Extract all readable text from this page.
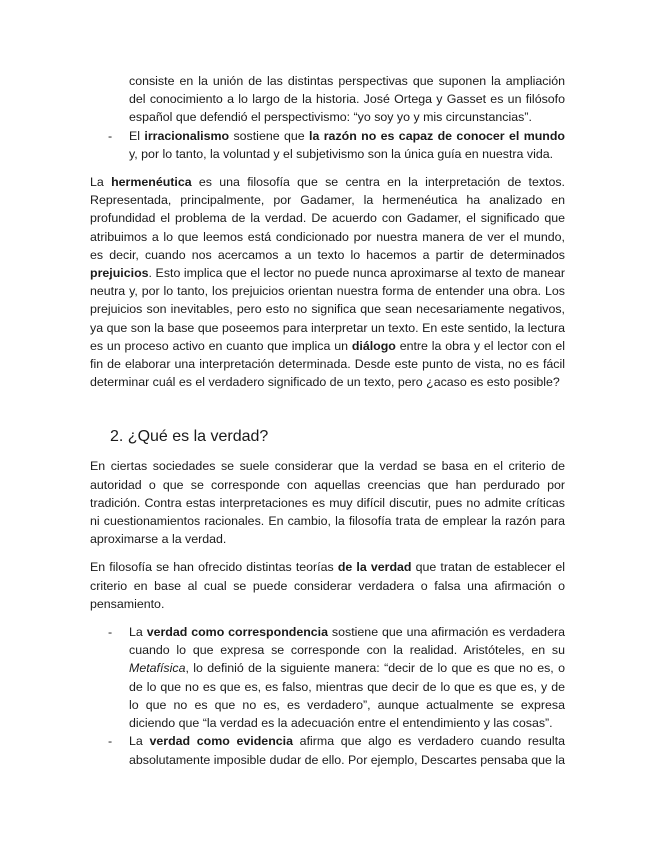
consiste en la unión de las distintas perspectivas que suponen la ampliación del conocimiento a lo largo de la historia. José Ortega y Gasset es un filósofo español que defendió el perspectivismo: “yo soy yo y mis circunstancias”.

- El irracionalismo sostiene que la razón no es capaz de conocer el mundo y, por lo tanto, la voluntad y el subjetivismo son la única guía en nuestra vida.

La hermenéutica es una filosofía que se centra en la interpretación de textos. Representada, principalmente, por Gadamer, la hermenéutica ha analizado en profundidad el problema de la verdad. De acuerdo con Gadamer, el significado que atribuimos a lo que leemos está condicionado por nuestra manera de ver el mundo, es decir, cuando nos acercamos a un texto lo hacemos a partir de determinados prejuicios. Esto implica que el lector no puede nunca aproximarse al texto de manear neutra y, por lo tanto, los prejuicios orientan nuestra forma de entender una obra. Los prejuicios son inevitables, pero esto no significa que sean necesariamente negativos, ya que son la base que poseemos para interpretar un texto. En este sentido, la lectura es un proceso activo en cuanto que implica un diálogo entre la obra y el lector con el fin de elaborar una interpretación determinada. Desde este punto de vista, no es fácil determinar cuál es el verdadero significado de un texto, pero ¿acaso es esto posible?

2. ¿Qué es la verdad?

En ciertas sociedades se suele considerar que la verdad se basa en el criterio de autoridad o que se corresponde con aquellas creencias que han perdurado por tradición. Contra estas interpretaciones es muy difícil discutir, pues no admite críticas ni cuestionamientos racionales. En cambio, la filosofía trata de emplear la razón para aproximarse a la verdad.

En filosofía se han ofrecido distintas teorías de la verdad que tratan de establecer el criterio en base al cual se puede considerar verdadera o falsa una afirmación o pensamiento.

- La verdad como correspondencia sostiene que una afirmación es verdadera cuando lo que expresa se corresponde con la realidad. Aristóteles, en su Metafísica, lo definió de la siguiente manera: “decir de lo que es que no es, o de lo que no es que es, es falso, mientras que decir de lo que es que es, y de lo que no es que no es, es verdadero”, aunque actualmente se expresa diciendo que “la verdad es la adecuación entre el entendimiento y las cosas”.

- La verdad como evidencia afirma que algo es verdadero cuando resulta absolutamente imposible dudar de ello. Por ejemplo, Descartes pensaba que la
